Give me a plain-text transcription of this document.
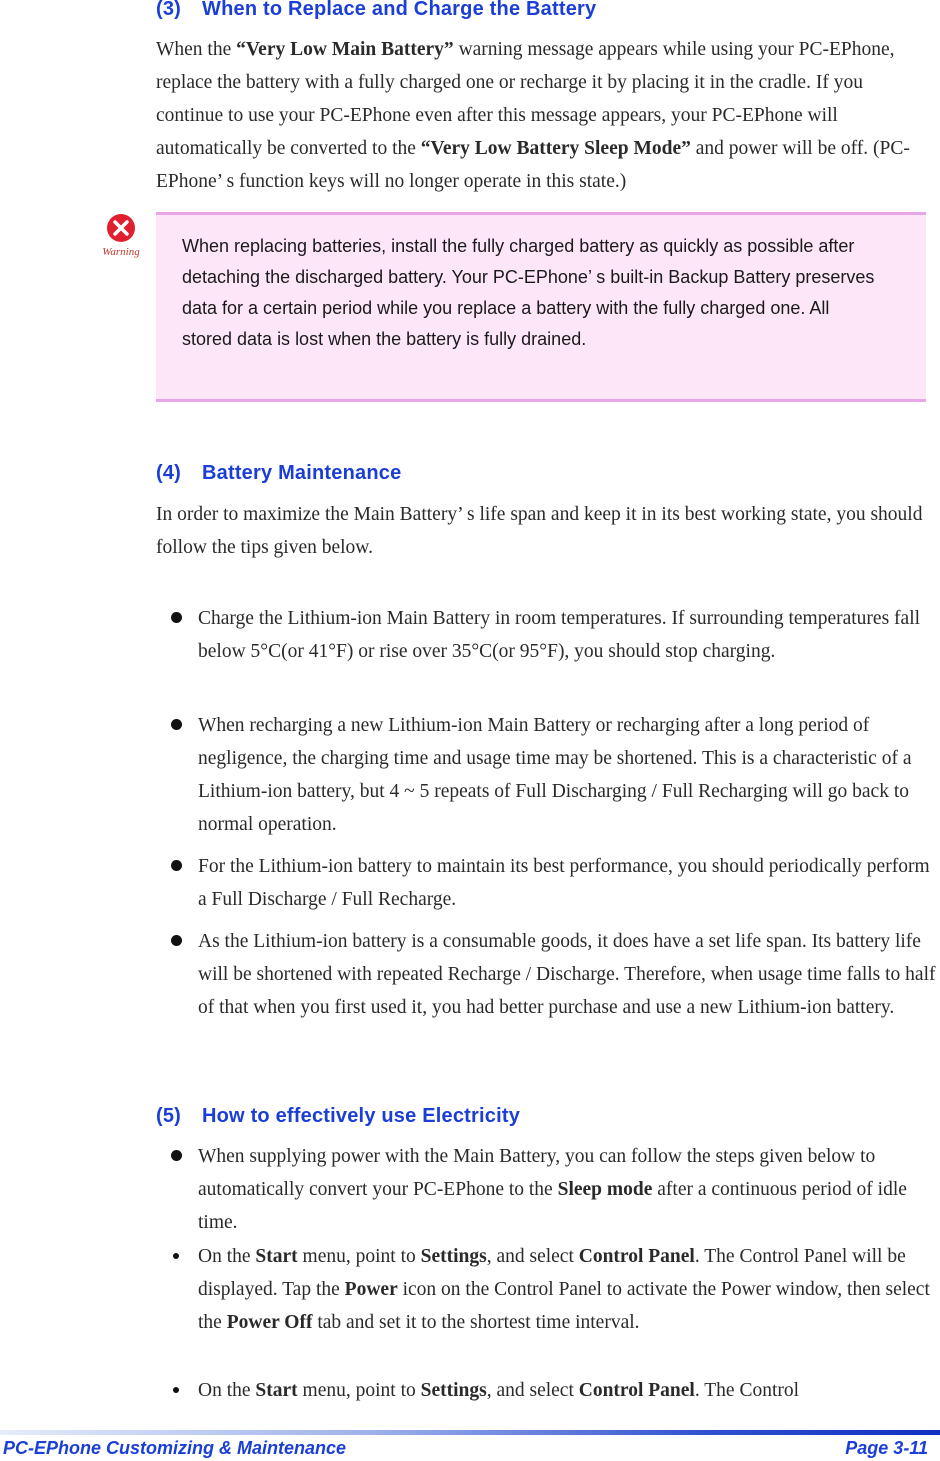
(3) When to Replace and Charge the Battery

When the “Very Low Main Battery” warning message appears while using your PC-EPhone, replace the battery with a fully charged one or recharge it by placing it in the cradle. If you continue to use your PC-EPhone even after this message appears, your PC-EPhone will automatically be converted to the “Very Low Battery Sleep Mode” and power will be off. (PC-EPhone’ s function keys will no longer operate in this state.)

Warning	When replacing batteries, install the fully charged battery as quickly as possible after detaching the discharged battery. Your PC-EPhone’ s built-in Backup Battery preserves data for a certain period while you replace a battery with the fully charged one. All stored data is lost when the battery is fully drained.

(4) Battery Maintenance

In order to maximize the Main Battery’ s life span and keep it in its best working state, you should follow the tips given below.

Charge the Lithium-ion Main Battery in room temperatures. If surrounding temperatures fall below 5°C(or 41°F) or rise over 35°C(or 95°F), you should stop charging.

When recharging a new Lithium-ion Main Battery or recharging after a long period of negligence, the charging time and usage time may be shortened. This is a characteristic of a Lithium-ion battery, but 4 ~ 5 repeats of Full Discharging / Full Recharging will go back to normal operation.

For the Lithium-ion battery to maintain its best performance, you should periodically perform a Full Discharge / Full Recharge.

As the Lithium-ion battery is a consumable goods, it does have a set life span. Its battery life will be shortened with repeated Recharge / Discharge. Therefore, when usage time falls to half of that when you first used it, you had better purchase and use a new Lithium-ion battery.

(5) How to effectively use Electricity

When supplying power with the Main Battery, you can follow the steps given below to automatically convert your PC-EPhone to the Sleep mode after a continuous period of idle time.

On the Start menu, point to Settings, and select Control Panel. The Control Panel will be displayed. Tap the Power icon on the Control Panel to activate the Power window, then select the Power Off tab and set it to the shortest time interval.

On the Start menu, point to Settings, and select Control Panel. The Control

PC-EPhone Customizing & Maintenance	Page 3-11
